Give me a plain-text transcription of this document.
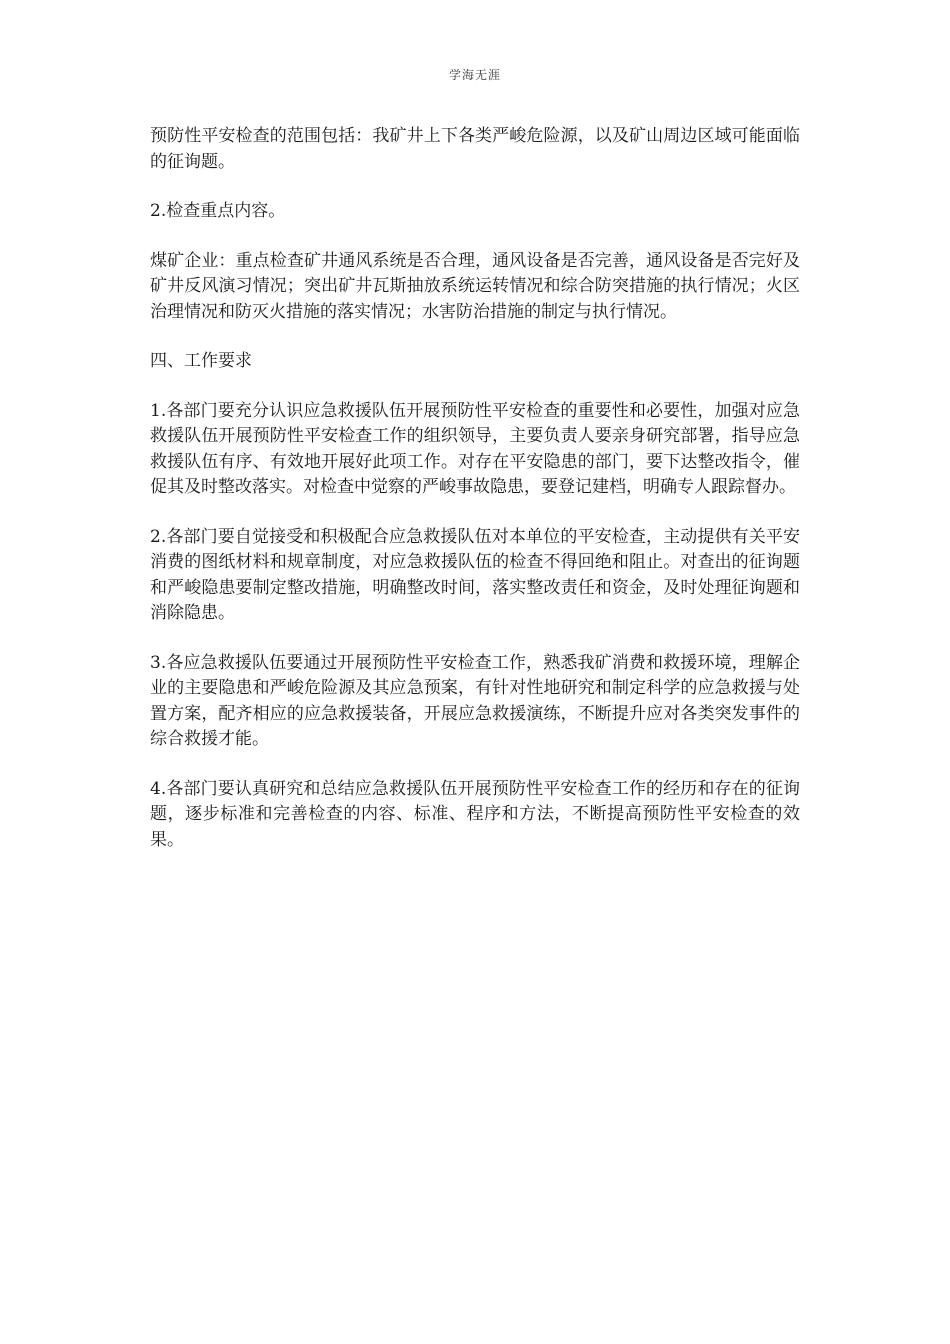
学海无涯

预防性平安检查的范围包括：我矿井上下各类严峻危险源，以及矿山周边区域可能面临的征询题。

2.检查重点内容。

煤矿企业：重点检查矿井通风系统是否合理，通风设备是否完善，通风设备是否完好及矿井反风演习情况；突出矿井瓦斯抽放系统运转情况和综合防突措施的执行情况；火区治理情况和防灭火措施的落实情况；水害防治措施的制定与执行情况。

四、工作要求

1.各部门要充分认识应急救援队伍开展预防性平安检查的重要性和必要性，加强对应急救援队伍开展预防性平安检查工作的组织领导，主要负责人要亲身研究部署，指导应急救援队伍有序、有效地开展好此项工作。对存在平安隐患的部门，要下达整改指令，催促其及时整改落实。对检查中觉察的严峻事故隐患，要登记建档，明确专人跟踪督办。

2.各部门要自觉接受和积极配合应急救援队伍对本单位的平安检查，主动提供有关平安消费的图纸材料和规章制度，对应急救援队伍的检查不得回绝和阻止。对查出的征询题和严峻隐患要制定整改措施，明确整改时间，落实整改责任和资金，及时处理征询题和消除隐患。

3.各应急救援队伍要通过开展预防性平安检查工作，熟悉我矿消费和救援环境，理解企业的主要隐患和严峻危险源及其应急预案，有针对性地研究和制定科学的应急救援与处置方案，配齐相应的应急救援装备，开展应急救援演练，不断提升应对各类突发事件的综合救援才能。

4.各部门要认真研究和总结应急救援队伍开展预防性平安检查工作的经历和存在的征询题，逐步标准和完善检查的内容、标准、程序和方法，不断提高预防性平安检查的效果。
